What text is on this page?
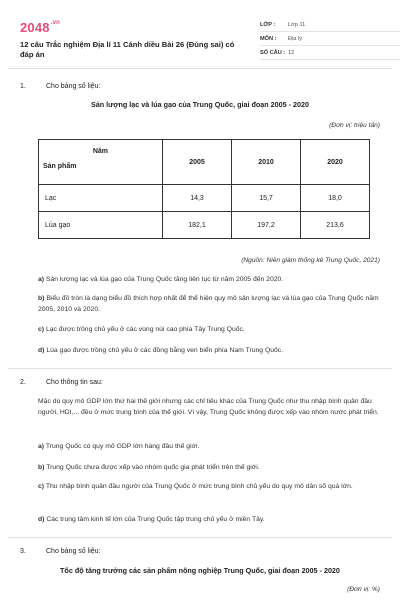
$2048^{.vn}$
12 câu Trắc nghiệm Địa lí 11 Cánh diều Bài 26 (Đúng sai) có đáp án
LỚP :	Lớp 11
MÔN :	Địa lý
SỐ CÂU : 12
1.	Cho bảng số liệu:
Sản lượng lạc và lúa gạo của Trung Quốc, giai đoạn 2005 - 2020
(Đơn vị: triệu tấn)
Năm
Sản phẩm	2005	2010	2020
Lạc	14,3	15,7	18,0
Lúa gạo	182,1	197,2	213,6
(Nguồn: Niên giám thống kê Trung Quốc, 2021)
a) Sản lượng lạc và lúa gạo của Trung Quốc tăng liên tục từ năm 2005 đến 2020.
b) Biểu đồ tròn là dạng biểu đồ thích hợp nhất để thể hiện quy mô sản lượng lạc và lúa gạo của Trung Quốc năm 2005, 2010 và 2020.
c) Lạc được trồng chủ yếu ở các vùng núi cao phía Tây Trung Quốc.
d) Lúa gạo được trồng chủ yếu ở các đồng bằng ven biển phía Nam Trung Quốc.
2.	Cho thông tin sau:
Mặc dù quy mô GDP lớn thứ hai thế giới nhưng các chỉ tiêu khác của Trung Quốc như thu nhập bình quân đầu người, HDI,... đều ở mức trung bình của thế giới. Vì vậy, Trung Quốc không được xếp vào nhóm nước phát triển.
a) Trung Quốc có quy mô GDP lớn hàng đầu thế giới.
b) Trung Quốc chưa được xếp vào nhóm quốc gia phát triển trên thế giới.
c) Thu nhập bình quân đầu người của Trung Quốc ở mức trung bình chủ yếu do quy mô dân số quá lớn.
d) Các trung tâm kinh tế lớn của Trung Quốc tập trung chủ yếu ở miền Tây.
3.	Cho bảng số liệu:
Tốc độ tăng trưởng các sản phẩm nông nghiệp Trung Quốc, giai đoạn 2005 - 2020
(Đơn vị: %)
